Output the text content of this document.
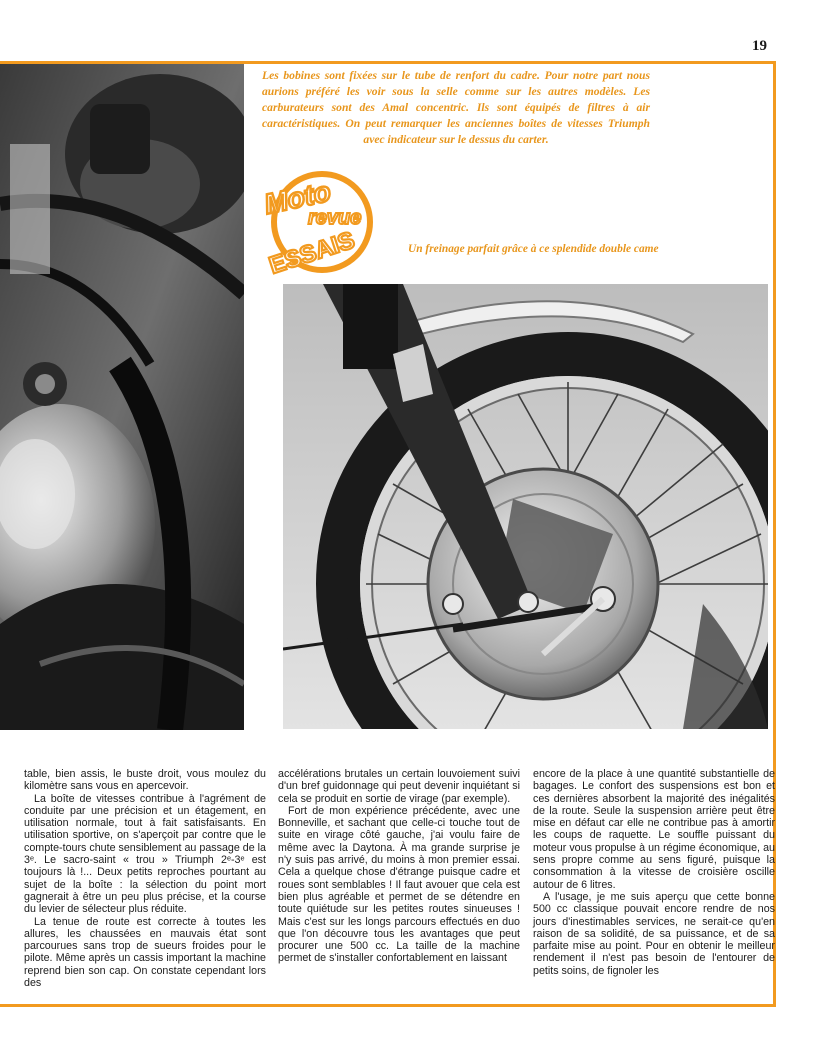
19
Les bobines sont fixées sur le tube de renfort du cadre. Pour notre part nous aurions préféré les voir sous la selle comme sur les autres modèles. Les carburateurs sont des Amal concentric. Ils sont équipés de filtres à air caractéristiques. On peut remarquer les anciennes boîtes de vitesses Triumph avec indicateur sur le dessus du carter.
Moto
revue
ESSAIS	Un freinage parfait grâce à ce splendide double came

table, bien assis, le buste droit, vous moulez du kilomètre sans vous en apercevoir.

La boîte de vitesses contribue à l'agrément de conduite par une précision et un étagement, en utilisation normale, tout à fait satisfaisants. En utilisation sportive, on s'aperçoit par contre que le compte-tours chute sensiblement au passage de la 3ᵉ. Le sacro-saint « trou » Triumph 2ᵉ-3ᵉ est toujours là !... Deux petits reproches pourtant au sujet de la boîte : la sélection du point mort gagnerait à être un peu plus précise, et la course du levier de sélecteur plus réduite.

La tenue de route est correcte à toutes les allures, les chaussées en mauvais état sont parcourues sans trop de sueurs froides pour le pilote. Même après un cassis important la machine reprend bien son cap. On constate cependant lors des

accélérations brutales un certain louvoiement suivi d'un bref guidonnage qui peut devenir inquiétant si cela se produit en sortie de virage (par exemple).

Fort de mon expérience précédente, avec une Bonneville, et sachant que celle-ci touche tout de suite en virage côté gauche, j'ai voulu faire de même avec la Daytona. À ma grande surprise je n'y suis pas arrivé, du moins à mon premier essai. Cela a quelque chose d'étrange puisque cadre et roues sont semblables ! Il faut avouer que cela est bien plus agréable et permet de se détendre en toute quiétude sur les petites routes sinueuses ! Mais c'est sur les longs parcours effectués en duo que l'on découvre tous les avantages que peut procurer une 500 cc. La taille de la machine permet de s'installer confortablement en laissant

encore de la place à une quantité substantielle de bagages. Le confort des suspensions est bon et ces dernières absorbent la majorité des inégalités de la route. Seule la suspension arrière peut être mise en défaut car elle ne contribue pas à amortir les coups de raquette. Le souffle puissant du moteur vous propulse à un régime économique, au sens propre comme au sens figuré, puisque la consommation à la vitesse de croisière oscille autour de 6 litres.

A l'usage, je me suis aperçu que cette bonne 500 cc classique pouvait encore rendre de nos jours d'inestimables services, ne serait-ce qu'en raison de sa solidité, de sa puissance, et de sa parfaite mise au point. Pour en obtenir le meilleur rendement il n'est pas besoin de l'entourer de petits soins, de fignoler les
